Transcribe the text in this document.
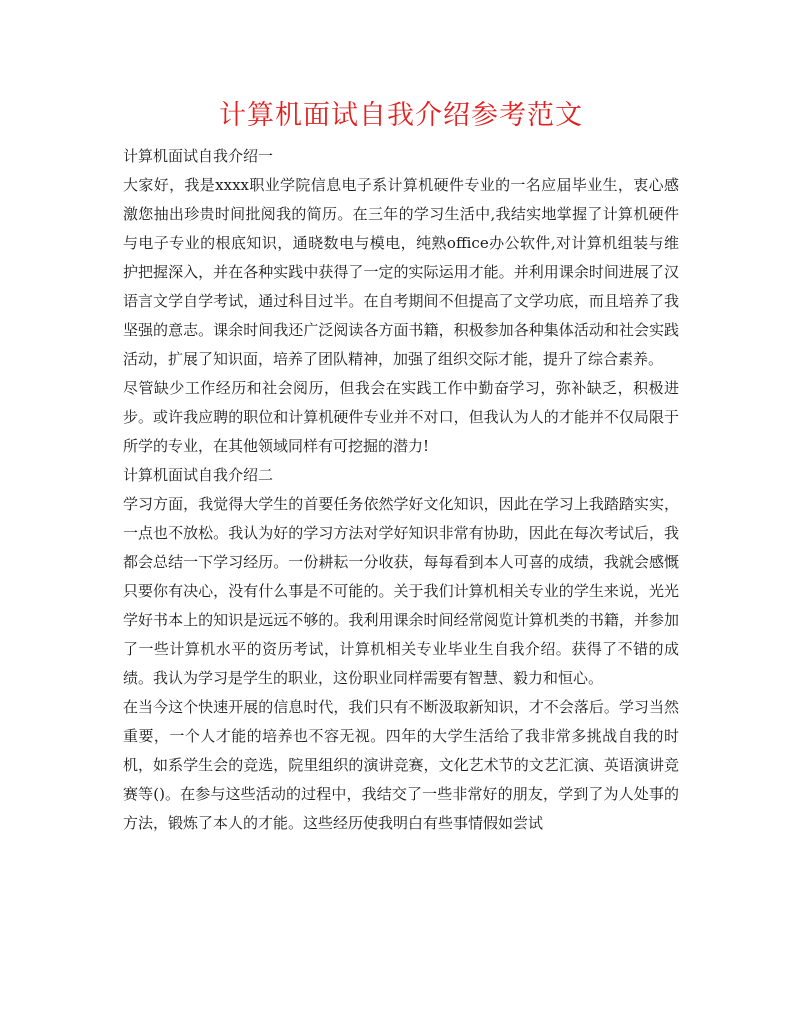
计算机面试自我介绍参考范文

计算机面试自我介绍一

大家好，我是xxxx职业学院信息电子系计算机硬件专业的一名应届毕业生，衷心感激您抽出珍贵时间批阅我的简历。在三年的学习生活中,我结实地掌握了计算机硬件与电子专业的根底知识，通晓数电与模电，纯熟office办公软件,对计算机组装与维护把握深入，并在各种实践中获得了一定的实际运用才能。并利用课余时间进展了汉语言文学自学考试，通过科目过半。在自考期间不但提高了文学功底，而且培养了我坚强的意志。课余时间我还广泛阅读各方面书籍，积极参加各种集体活动和社会实践活动，扩展了知识面，培养了团队精神，加强了组织交际才能，提升了综合素养。

尽管缺少工作经历和社会阅历，但我会在实践工作中勤奋学习，弥补缺乏，积极进步。或许我应聘的职位和计算机硬件专业并不对口，但我认为人的才能并不仅局限于所学的专业，在其他领域同样有可挖掘的潜力!

计算机面试自我介绍二

学习方面，我觉得大学生的首要任务依然学好文化知识，因此在学习上我踏踏实实，一点也不放松。我认为好的学习方法对学好知识非常有协助，因此在每次考试后，我都会总结一下学习经历。一份耕耘一分收获，每每看到本人可喜的成绩，我就会感慨只要你有决心，没有什么事是不可能的。关于我们计算机相关专业的学生来说，光光学好书本上的知识是远远不够的。我利用课余时间经常阅览计算机类的书籍，并参加了一些计算机水平的资历考试，计算机相关专业毕业生自我介绍。获得了不错的成绩。我认为学习是学生的职业，这份职业同样需要有智慧、毅力和恒心。

在当今这个快速开展的信息时代，我们只有不断汲取新知识，才不会落后。学习当然重要，一个人才能的培养也不容无视。四年的大学生活给了我非常多挑战自我的时机，如系学生会的竞选，院里组织的演讲竞赛，文化艺术节的文艺汇演、英语演讲竞赛等()。在参与这些活动的过程中，我结交了一些非常好的朋友，学到了为人处事的方法，锻炼了本人的才能。这些经历使我明白有些事情假如尝试
